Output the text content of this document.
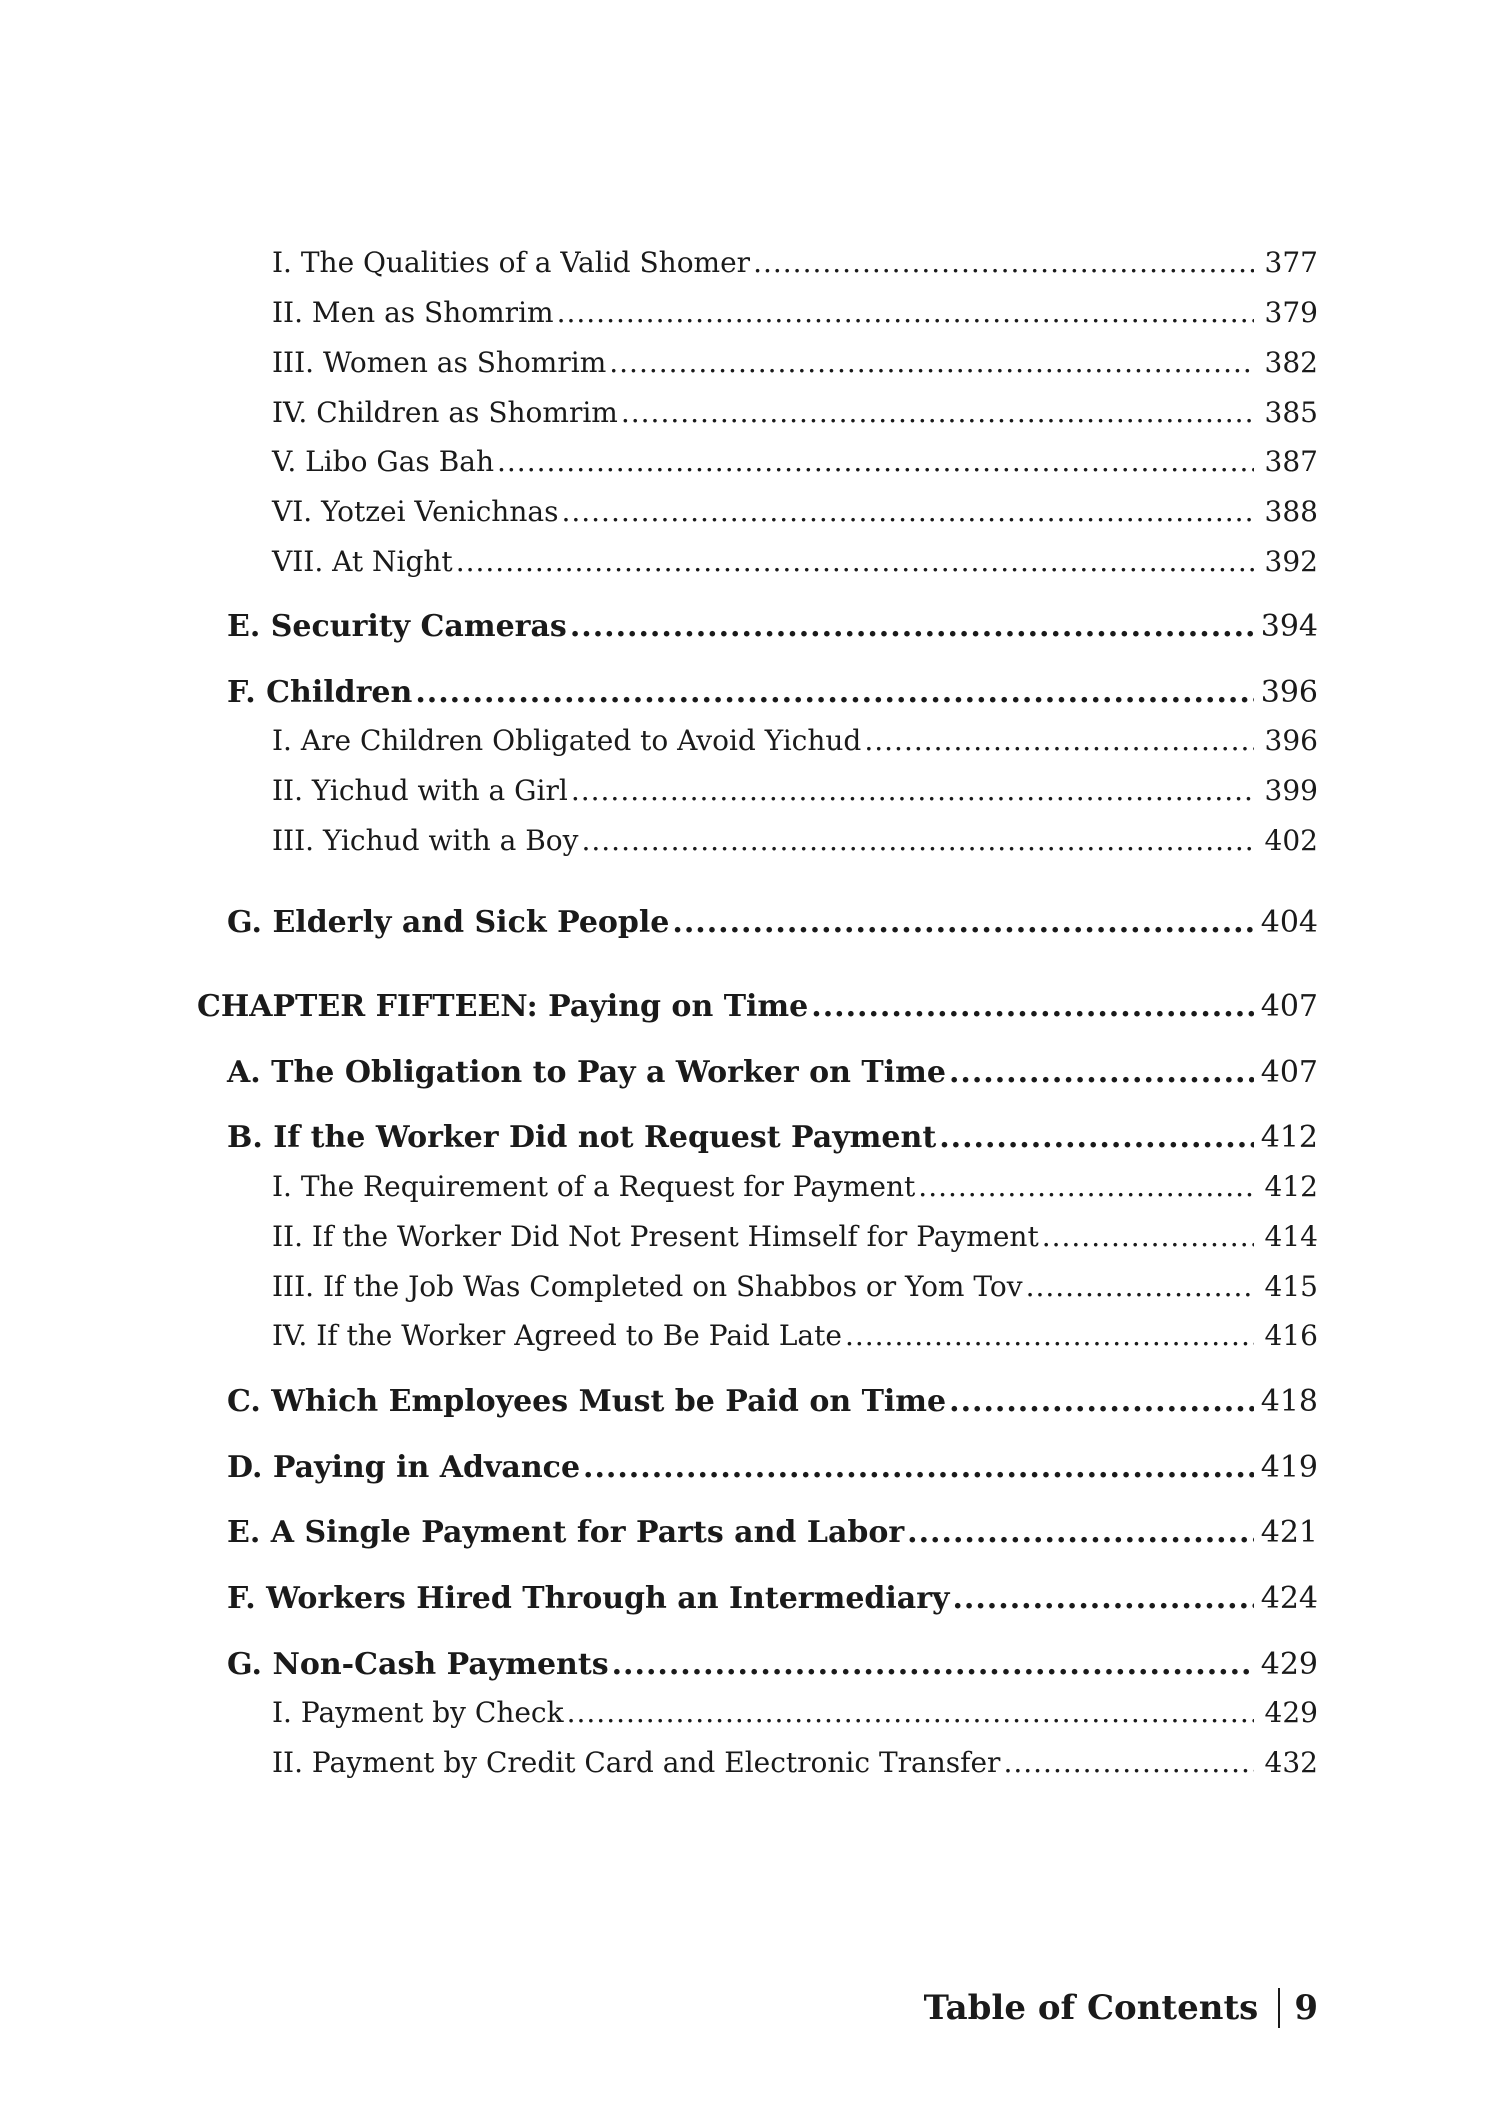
I. The Qualities of a Valid Shomer .....	377
II. Men as Shomrim .....	379
III. Women as Shomrim .....	382
IV. Children as Shomrim .....	385
V. Libo Gas Bah .....	387
VI. Yotzei Venichnas .....	388
VII. At Night .....	392
E. Security Cameras .....	394
F. Children .....	396
I. Are Children Obligated to Avoid Yichud .....	396
II. Yichud with a Girl .....	399
III. Yichud with a Boy .....	402
G. Elderly and Sick People .....	404
CHAPTER FIFTEEN: Paying on Time .....	407
A. The Obligation to Pay a Worker on Time .....	407
B. If the Worker Did not Request Payment .....	412
I. The Requirement of a Request for Payment .....	412
II. If the Worker Did Not Present Himself for Payment .....	414
III. If the Job Was Completed on Shabbos or Yom Tov .....	415
IV. If the Worker Agreed to Be Paid Late .....	416
C. Which Employees Must be Paid on Time .....	418
D. Paying in Advance .....	419
E. A Single Payment for Parts and Labor .....	421
F. Workers Hired Through an Intermediary .....	424
G. Non-Cash Payments .....	429
I. Payment by Check .....	429
II. Payment by Credit Card and Electronic Transfer .....	432
Table of Contents 9
